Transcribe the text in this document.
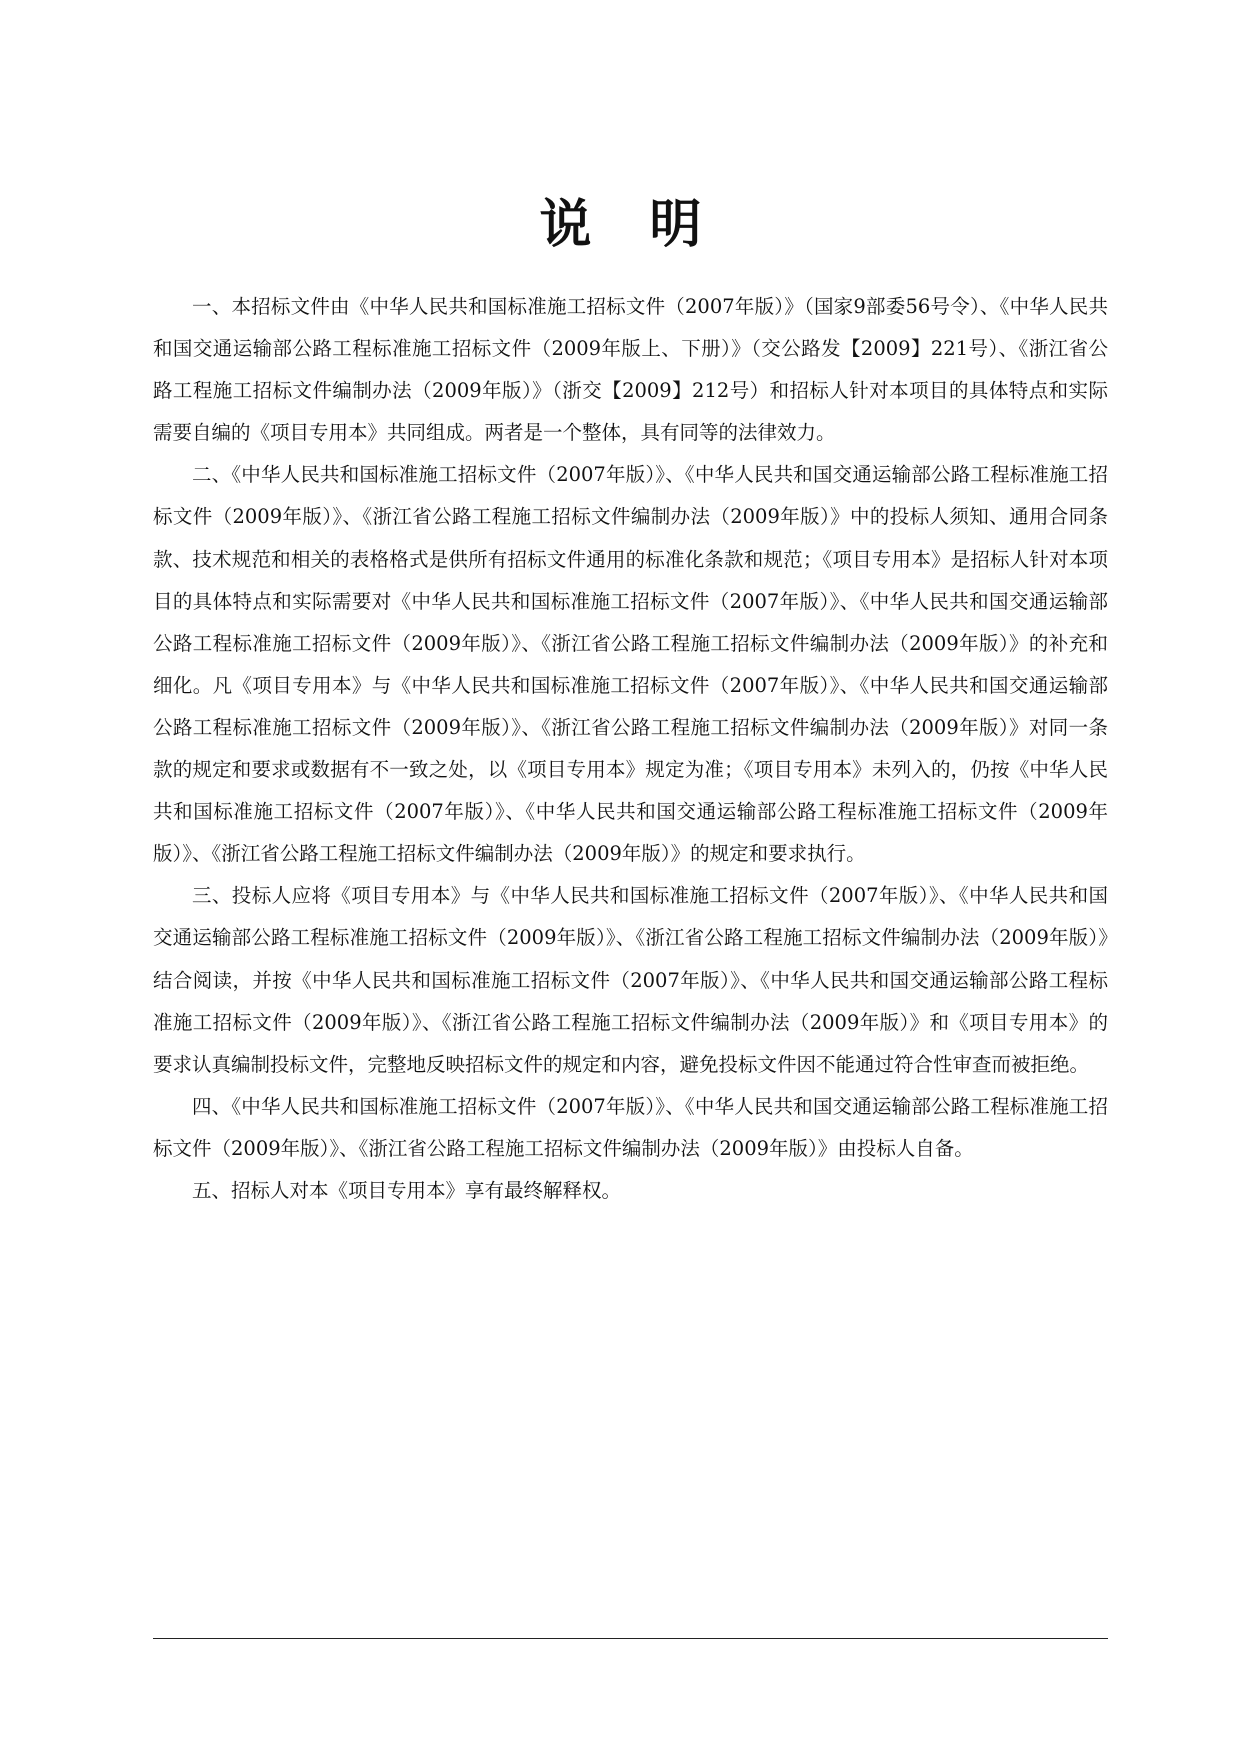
说明

一、本招标文件由《中华人民共和国标准施工招标文件（2007年版）》（国家9部委56号令）、《中华人民共和国交通运输部公路工程标准施工招标文件（2009年版上、下册）》（交公路发【2009】221号）、《浙江省公路工程施工招标文件编制办法（2009年版）》（浙交【2009】212号）和招标人针对本项目的具体特点和实际需要自编的《项目专用本》共同组成。两者是一个整体，具有同等的法律效力。

二、《中华人民共和国标准施工招标文件（2007年版）》、《中华人民共和国交通运输部公路工程标准施工招标文件（2009年版）》、《浙江省公路工程施工招标文件编制办法（2009年版）》中的投标人须知、通用合同条款、技术规范和相关的表格格式是供所有招标文件通用的标准化条款和规范；《项目专用本》是招标人针对本项目的具体特点和实际需要对《中华人民共和国标准施工招标文件（2007年版）》、《中华人民共和国交通运输部公路工程标准施工招标文件（2009年版）》、《浙江省公路工程施工招标文件编制办法（2009年版）》的补充和细化。凡《项目专用本》与《中华人民共和国标准施工招标文件（2007年版）》、《中华人民共和国交通运输部公路工程标准施工招标文件（2009年版）》、《浙江省公路工程施工招标文件编制办法（2009年版）》对同一条款的规定和要求或数据有不一致之处，以《项目专用本》规定为准；《项目专用本》未列入的，仍按《中华人民共和国标准施工招标文件（2007年版）》、《中华人民共和国交通运输部公路工程标准施工招标文件（2009年版）》、《浙江省公路工程施工招标文件编制办法（2009年版）》的规定和要求执行。

三、投标人应将《项目专用本》与《中华人民共和国标准施工招标文件（2007年版）》、《中华人民共和国交通运输部公路工程标准施工招标文件（2009年版）》、《浙江省公路工程施工招标文件编制办法（2009年版）》结合阅读，并按《中华人民共和国标准施工招标文件（2007年版）》、《中华人民共和国交通运输部公路工程标准施工招标文件（2009年版）》、《浙江省公路工程施工招标文件编制办法（2009年版）》和《项目专用本》的要求认真编制投标文件，完整地反映招标文件的规定和内容，避免投标文件因不能通过符合性审查而被拒绝。

四、《中华人民共和国标准施工招标文件（2007年版）》、《中华人民共和国交通运输部公路工程标准施工招标文件（2009年版）》、《浙江省公路工程施工招标文件编制办法（2009年版）》由投标人自备。

五、招标人对本《项目专用本》享有最终解释权。
